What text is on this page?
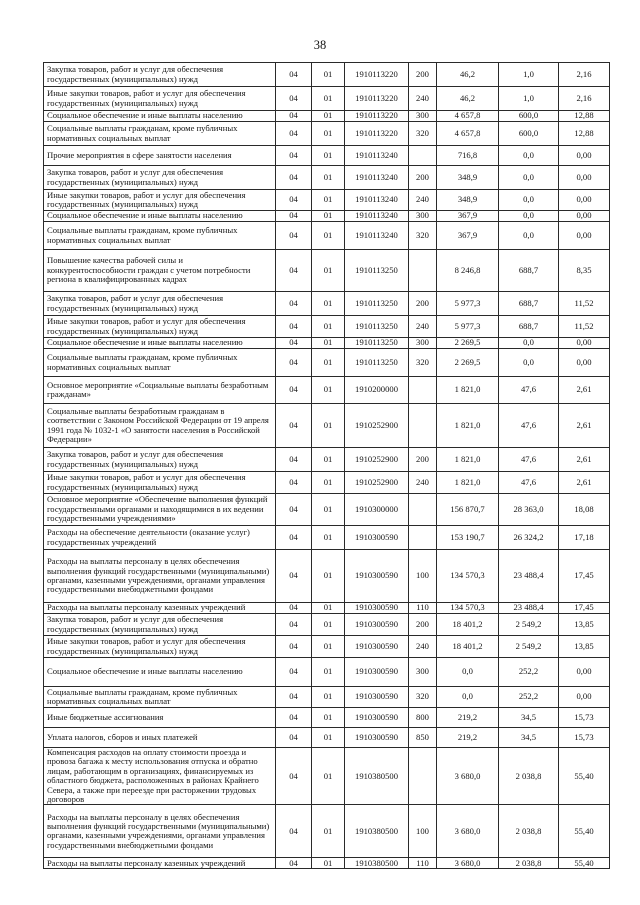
38
Закупка товаров, работ и услуг для обеспечения государственных (муниципальных) нужд	04	01	1910113220	200	46,2	1,0	2,16
Иные закупки товаров, работ и услуг для обеспечения государственных (муниципальных) нужд	04	01	1910113220	240	46,2	1,0	2,16
Социальное обеспечение и иные выплаты населению	04	01	1910113220	300	4 657,8	600,0	12,88
Социальные выплаты гражданам, кроме публичных нормативных социальных выплат	04	01	1910113220	320	4 657,8	600,0	12,88
Прочие мероприятия в сфере занятости населения	04	01	1910113240		716,8	0,0	0,00
Закупка товаров, работ и услуг для обеспечения государственных (муниципальных) нужд	04	01	1910113240	200	348,9	0,0	0,00
Иные закупки товаров, работ и услуг для обеспечения государственных (муниципальных) нужд	04	01	1910113240	240	348,9	0,0	0,00
Социальное обеспечение и иные выплаты населению	04	01	1910113240	300	367,9	0,0	0,00
Социальные выплаты гражданам, кроме публичных нормативных социальных выплат	04	01	1910113240	320	367,9	0,0	0,00
Повышение качества рабочей силы и конкурентоспособности граждан с учетом потребности региона в квалифицированных кадрах	04	01	1910113250		8 246,8	688,7	8,35
Закупка товаров, работ и услуг для обеспечения государственных (муниципальных) нужд	04	01	1910113250	200	5 977,3	688,7	11,52
Иные закупки товаров, работ и услуг для обеспечения государственных (муниципальных) нужд	04	01	1910113250	240	5 977,3	688,7	11,52
Социальное обеспечение и иные выплаты населению	04	01	1910113250	300	2 269,5	0,0	0,00
Социальные выплаты гражданам, кроме публичных нормативных социальных выплат	04	01	1910113250	320	2 269,5	0,0	0,00
Основное мероприятие «Социальные выплаты безработным гражданам»	04	01	1910200000		1 821,0	47,6	2,61
Социальные выплаты безработным гражданам в соответствии с Законом Российской Федерации от 19 апреля 1991 года № 1032-1 «О занятости населения в Российской Федерации»	04	01	1910252900		1 821,0	47,6	2,61
Закупка товаров, работ и услуг для обеспечения государственных (муниципальных) нужд	04	01	1910252900	200	1 821,0	47,6	2,61
Иные закупки товаров, работ и услуг для обеспечения государственных (муниципальных) нужд	04	01	1910252900	240	1 821,0	47,6	2,61
Основное мероприятие «Обеспечение выполнения функций государственными органами и находящимися в их ведении государственными учреждениями»	04	01	1910300000		156 870,7	28 363,0	18,08
Расходы на обеспечение деятельности (оказание услуг) государственных учреждений	04	01	1910300590		153 190,7	26 324,2	17,18
Расходы на выплаты персоналу в целях обеспечения выполнения функций государственными (муниципальными) органами, казенными учреждениями, органами управления государственными внебюджетными фондами	04	01	1910300590	100	134 570,3	23 488,4	17,45
Расходы на выплаты персоналу казенных учреждений	04	01	1910300590	110	134 570,3	23 488,4	17,45
Закупка товаров, работ и услуг для обеспечения государственных (муниципальных) нужд	04	01	1910300590	200	18 401,2	2 549,2	13,85
Иные закупки товаров, работ и услуг для обеспечения государственных (муниципальных) нужд	04	01	1910300590	240	18 401,2	2 549,2	13,85
Социальное обеспечение и иные выплаты населению	04	01	1910300590	300	0,0	252,2	0,00
Социальные выплаты гражданам, кроме публичных нормативных социальных выплат	04	01	1910300590	320	0,0	252,2	0,00
Иные бюджетные ассигнования	04	01	1910300590	800	219,2	34,5	15,73
Уплата налогов, сборов и иных платежей	04	01	1910300590	850	219,2	34,5	15,73
Компенсация расходов на оплату стоимости проезда и провоза багажа к месту использования отпуска и обратно лицам, работающим в организациях, финансируемых из областного бюджета, расположенных в районах Крайнего Севера, а также при переезде при расторжении трудовых договоров	04	01	1910380500		3 680,0	2 038,8	55,40
Расходы на выплаты персоналу в целях обеспечения выполнения функций государственными (муниципальными) органами, казенными учреждениями, органами управления государственными внебюджетными фондами	04	01	1910380500	100	3 680,0	2 038,8	55,40
Расходы на выплаты персоналу казенных учреждений	04	01	1910380500	110	3 680,0	2 038,8	55,40
